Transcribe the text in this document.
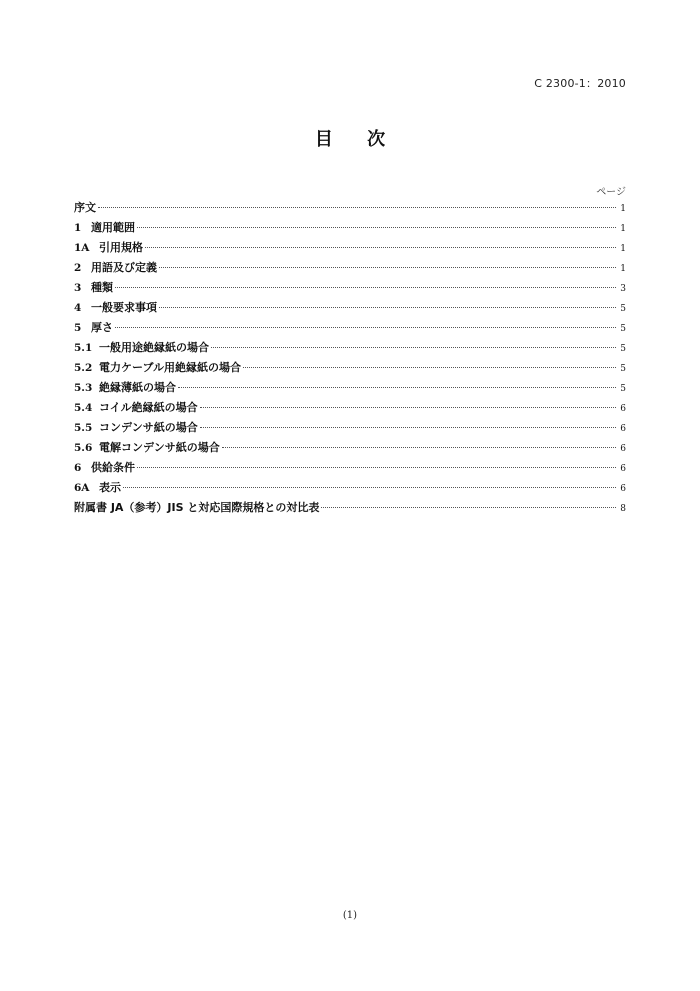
C 2300-1：2010
目 次
ページ
序文	1
1 適用範囲	1
1A 引用規格	1
2 用語及び定義	1
3 種類	3
4 一般要求事項	5
5 厚さ	5
5.1 一般用途絶縁紙の場合	5
5.2 電力ケーブル用絶縁紙の場合	5
5.3 絶縁薄紙の場合	5
5.4 コイル絶縁紙の場合	6
5.5 コンデンサ紙の場合	6
5.6 電解コンデンサ紙の場合	6
6 供給条件	6
6A 表示	6
附属書 JA（参考）JIS と対応国際規格との対比表	8
(1)
